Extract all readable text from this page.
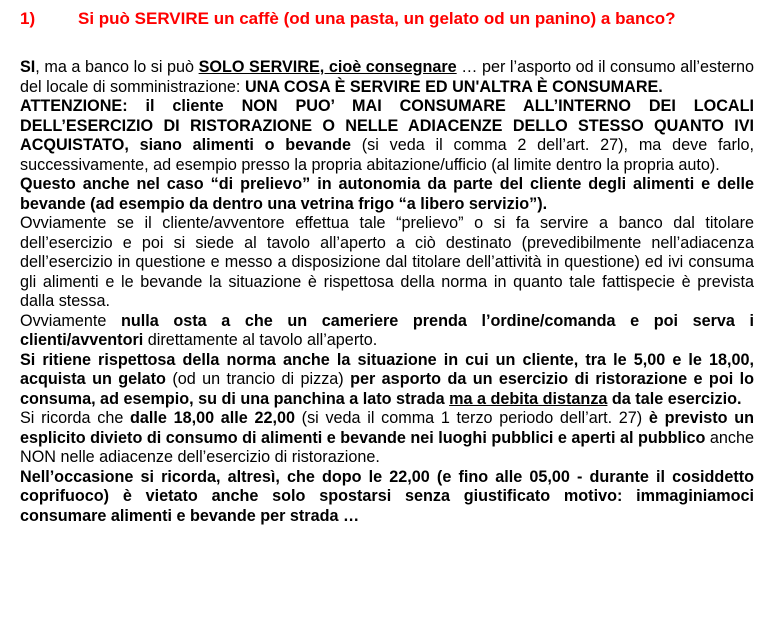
1)	Si può SERVIRE un caffè (od una pasta, un gelato od un panino) a banco?

SI, ma a banco lo si può SOLO SERVIRE, cioè consegnare … per l’asporto od il consumo all’esterno del locale di somministrazione: UNA COSA È SERVIRE ED UN'ALTRA È CONSUMARE.

ATTENZIONE: il cliente NON PUO’ MAI CONSUMARE ALL’INTERNO DEI LOCALI DELL’ESERCIZIO DI RISTORAZIONE O NELLE ADIACENZE DELLO STESSO QUANTO IVI ACQUISTATO, siano alimenti o bevande (si veda il comma 2 dell’art. 27), ma deve farlo, successivamente, ad esempio presso la propria abitazione/ufficio (al limite dentro la propria auto).

Questo anche nel caso “di prelievo” in autonomia da parte del cliente degli alimenti e delle bevande (ad esempio da dentro una vetrina frigo “a libero servizio”).

Ovviamente se il cliente/avventore effettua tale “prelievo” o si fa servire a banco dal titolare dell’esercizio e poi si siede al tavolo all’aperto a ciò destinato (prevedibilmente nell’adiacenza dell’esercizio in questione e messo a disposizione dal titolare dell’attività in questione) ed ivi consuma gli alimenti e le bevande la situazione è rispettosa della norma in quanto tale fattispecie è prevista dalla stessa.

Ovviamente nulla osta a che un cameriere prenda l’ordine/comanda e poi serva i clienti/avventori direttamente al tavolo all’aperto.

Si ritiene rispettosa della norma anche la situazione in cui un cliente, tra le 5,00 e le 18,00, acquista un gelato (od un trancio di pizza) per asporto da un esercizio di ristorazione e poi lo consuma, ad esempio, su di una panchina a lato strada ma a debita distanza da tale esercizio.

Si ricorda che dalle 18,00 alle 22,00 (si veda il comma 1 terzo periodo dell’art. 27) è previsto un esplicito divieto di consumo di alimenti e bevande nei luoghi pubblici e aperti al pubblico anche NON nelle adiacenze dell’esercizio di ristorazione.

Nell’occasione si ricorda, altresì, che dopo le 22,00 (e fino alle 05,00 - durante il cosiddetto coprifuoco) è vietato anche solo spostarsi senza giustificato motivo: immaginiamoci consumare alimenti e bevande per strada …
